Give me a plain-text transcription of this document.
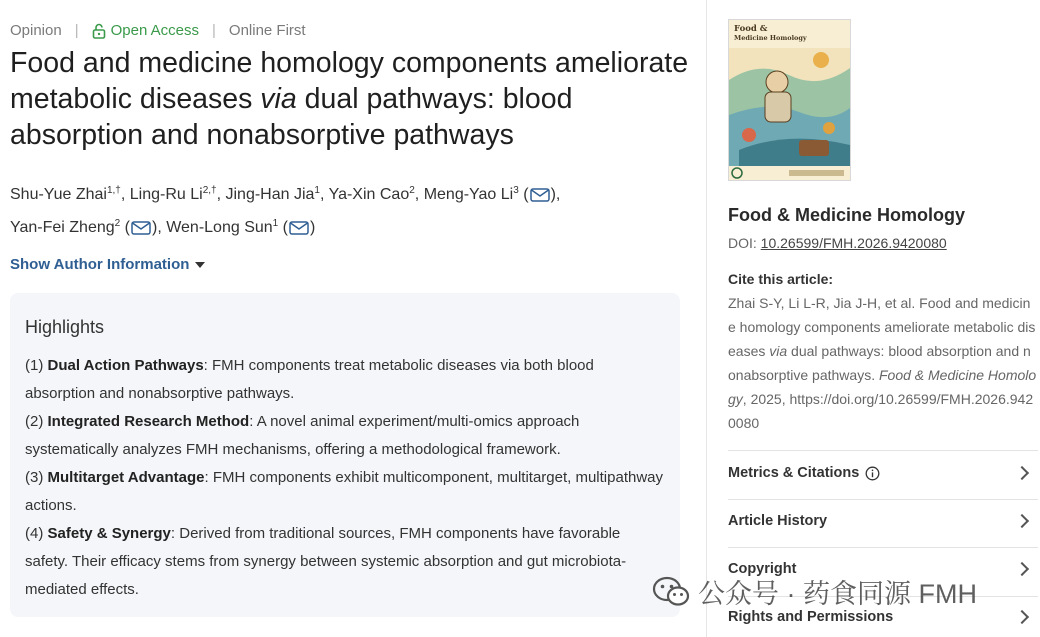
Opinion | Open Access | Online First
Food and medicine homology components ameliorate metabolic diseases via dual pathways: blood absorption and nonabsorptive pathways
Shu-Yue Zhai$^{1,\dagger}$, Ling-Ru $Li^{2,\dagger}$, Jing-Han Jia$^1$, Ya-Xin Cao$^2$, Meng-Yao Li$^3$ ( ),
Yan-Fei Zheng$^2$ ( ), Wen-Long Sun$^1$ ( )
Show Author Information
Highlights

(1) Dual Action Pathways: FMH components treat metabolic diseases via both blood absorption and nonabsorptive pathways.

(2) Integrated Research Method: A novel animal experiment/multi-omics approach systematically analyzes FMH mechanisms, offering a methodological framework.

(3) Multitarget Advantage: FMH components exhibit multicomponent, multitarget, multipathway actions.

(4) Safety & Synergy: Derived from traditional sources, FMH components have favorable safety. Their efficacy stems from synergy between systemic absorption and gut microbiota-mediated effects.

Food &
Medicine Homology
Food & Medicine Homology
DOI: 10.26599/FMH.2026.9420080
Cite this article:
Zhai S-Y, Li L-R, Jia J-H, et al. Food and medicine homology components ameliorate metabolic diseases via dual pathways: blood absorption and nonabsorptive pathways. Food & Medicine Homology, 2025, https://doi.org/10.26599/FMH.2026.9420080
Metrics & Citations
Article History
Copyright
Rights and Permissions
公众号 · 药食同源 FMH
